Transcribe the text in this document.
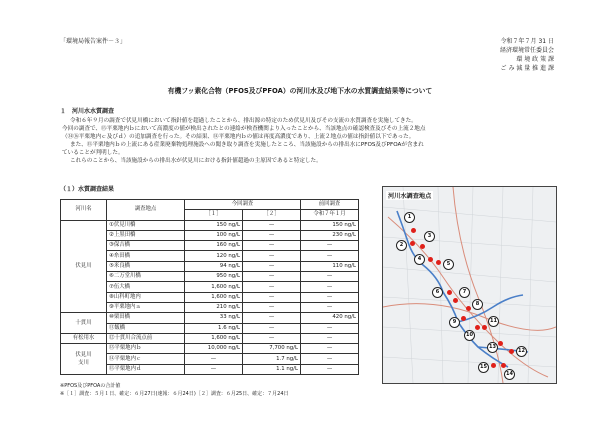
「環境局報告案件－３」	令和７年７月 31 日
経済環境常任委員会
環 境 政 策 課
ご み 減 量 推 進 課
有機フッ素化合物（PFOS及びPFOA）の河川水及び地下水の水質調査結果等について
１　河川水水質調査
令和６年９月の調査で伏見川橋において指針値を超過したことから、排出源の特定のため伏見川及びその支流の水質調査を実施してきた。
今回の調査で、⑮平栗地内ｂにおいて高濃度の値が検出されたとの連絡が検査機関より入ったことから、当該地点の確認検査及びその上流２地点
（⑭⑯平栗地内ｃ及びｄ）の追加調査を行った。その結果、⑭平栗地内ｂの値は再度高濃度であり、上流２地点の値は指針値以下であった。
また、⑮平栗地内ｂの上流にある産業廃棄物処理施設への聞き取り調査を実施したところ、当該施設からの排出水にPFOS及びPFOAが含まれ
ていることが判明した。
これらのことから、当該施設からの排出水が伏見川における指針値超過の主原因であると特定した。
（１）水質調査結果
河川名	調査地点	今回調査		前回調査
		［１］	［２］	令和７年１月
伏見川	①伏見川橋	150 ng/L	—	150 ng/L
	②上黒田橋	100 ng/L	—	230 ng/L
	③保吉橋	160 ng/L	—	—
	④糸田橋	120 ng/L	—	—
	⑤米良橋	94 ng/L	—	110 ng/L
	⑥二万堂川橋	950 ng/L	—	—
	⑦伍大橋	1,600 ng/L	—	—
	⑧山科町地内	1,600 ng/L	—	—
	⑨平栗地内ａ	210 ng/L	—	—
十貫川	⑩栗田橋	33 ng/L	—	420 ng/L
	⑪飯橋	1.6 ng/L	—	—
有松用水	⑫十貫川合流点前	1,600 ng/L	—	—
伏見川
支川	⑬平栗地内ｂ	10,000 ng/L	7,700 ng/L	—
	⑭平栗地内ｃ	—	1.7 ng/L	—
	⑮平栗地内ｄ	—	1.1 ng/L	—
※PFOS及びPFOAの合計値
※［１］調査：５月１日、確定：６月27日(速報：６月24日)［２］調査：６月25日、確定：７月24日
河川水調査地点
1
2
3
4
5
6	7
8
9
10
11
12
13
14
15
